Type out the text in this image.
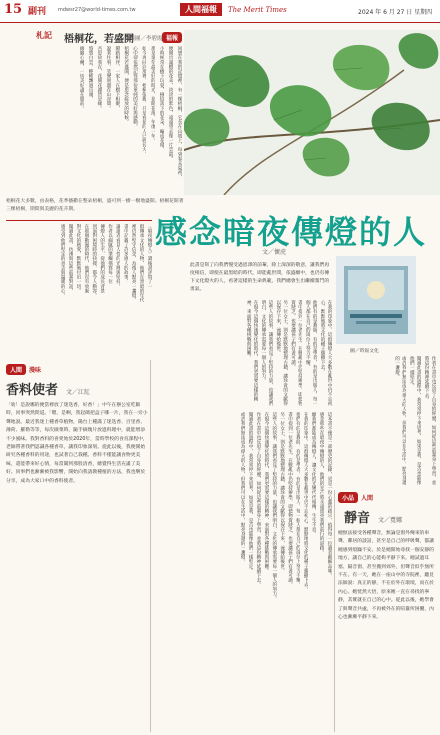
15 副刊 mdwsr27@world-times.com.tw	人間福報	The Merit Times	2024 年 6 月 27 日 星期四
福報
札記 梧桐花，若盛開
文與圖／李碧霞
回想在我的記憶裡，有一棵梧桐，它長在山坡上，每到春末夏初，
便開出滿樹的花朵，淡淡的紫色，遠遠望去像一片雲霞。
小時候常在樹下玩耍，撿拾落下的花朵，編成花環，
那是童年最美好的時光，花開花落，年復一年。
如今再回到那裡，梧桐依舊，只是看花的人已經長大，
心中卻依然記得那份單純的美好與感動。
梧桐花若盛開，便是思念綻放的時候。
鬧路相伴，一家人在樹下相聚，
說著往事，笑聲迴盪在山谷間。
吾思故我在，花開花謝皆是緣。
悠悠白雲，輕輕飄過山頭，
緣隨心轉，一切美好盡在眼前。
梧桐花大多數，由表格，花季播撒在整朵梧桐，盛可到一樹一樹地盛開。梧桐花開著三棵梧桐，期間與美麗的花卉期。
感念暗夜傳燈的人
文／懷虎
〈暗夜傳燈人〉讀後書評寫了一
群傳承文化的人物，他們在黑暗的年代
裡仍然堅守信念，為後人點亮一盞燈。
書中記載了許多感人的故事，
讓讀者看見人性的光輝與堅持。
作者以細膩的筆觸描寫每一位
傳燈人的生平，從他們的成長背景
到面對困境時的抉擇，都令人動容。
在那個動盪的時代，他們沒有放棄
對文化的熱愛，默默地付出一切。
閱讀此書，彷彿與這些前輩對話，
感受到他們堅定的意志與溫暖的心。	此書是寫了向我們慢受過恩澤的前輩，除上深深的敬意，讓我們再度相信，即使在最黑暗的時代，即能亂世間，依盛願中，也仍有傳下文化燈火的人，看著這樣的生命典範，我們總會生出繼續奮鬥的勇氣。
圖／時報文化
在我的印象中，這群傳燈人大多數在亂世中仍不忘初心，默默地將文化的種子播撒下去。
他們有的是教師，有的是學者，有的是出版人，每一個人都在自己的崗位上努力不懈。
書中提到一位老先生，在戰亂中仍堅持辦學，即使物資缺乏，也要讓孩子們有書可讀。
另一位女士，則是默默地整理古籍，讓珍貴的文獻得以保存下來，流傳給後世。
這些人的故事，讓我們看見了堅持的力量，也讓我們明白，文化的傳承需要每一個人的努力。
在現今這個快速變化的時代，我們更需要這樣的精神，來面對各種挑戰與困難。
作者在書中也反思了自身的經歷，如何從這些前輩身上學習，並將這份精神延續下去。
閱讀此書的過程中，我常常停下來思考，如果是我，是否也能像他們一樣堅定。
或許我們無法成為偉大的人物，但我們可以在生活中，點亮身邊的一盞燈。
這本書不僅是一部歷史的記錄，更是一份心靈的啟示，值得每一位讀者細細品味。
感念那些在暗夜中傳燈的人，他們的光芒將永遠照亮我們前行的道路。
願我們都能成為傳燈人，讓文化的光輝代代相傳，生生不息。
在我的印象中，這群傳燈人大多數在亂世中仍不忘初心，默默地將文化的種子播撒下去。
他們有的是教師，有的是學者，有的是出版人，每一個人都在自己的崗位上努力不懈。
書中提到一位老先生，在戰亂中仍堅持辦學，即使物資缺乏，也要讓孩子們有書可讀。
另一位女士，則是默默地整理古籍，讓珍貴的文獻得以保存下來，流傳給後世。
這些人的故事，讓我們看見了堅持的力量，也讓我們明白，文化的傳承需要每一個人的努力。
在現今這個快速變化的時代，我們更需要這樣的精神，來面對各種挑戰與困難。
作者在書中也反思了自身的經歷，如何從這些前輩身上學習，並將這份精神延續下去。
閱讀此書的過程中，我常常停下來思考，如果是我，是否也能像他們一樣堅定。
或許我們無法成為偉大的人物，但我們可以在生活中，點亮身邊的一盞燈。
人間	漫味
香料使者 文／江紅
「啥！是說哪的便當裡放了迷迭香，好香！」中午在辦公室吃飯時，同事突然問道。「嗯，是啊，我起碼把盒子哪一片，我在一旁小聲地說。最近我迷上種香草植物，陽台上種滿了迷迭香、百里香、薄荷、羅勒等等，每次做菜時，隨手摘幾片放進料理中，就能增添不少風味。我對香料的喜愛始於2020年，當時學校的食育課程中，老師帶著我們認識各種香草，讓我印象深刻。從此以後，我便開始研究各種香料的用途，也試著自己栽種。香料不僅能讓食物更美味，還能帶來好心情，每當聞到那股清香，總覺得生活充滿了美好。同事們也漸漸被我影響，開始向我請教種植的方法，我也樂於分享，成為大家口中的香料使者。
小品	人間
靜音 文／寬娜
她無法接受各種聲音，無論是窗外傳來的車聲、鄰居的談話，甚至是自己的呼吸聲，都讓她感到煩躁不安。於是她開始尋找一個安靜的地方，讓自己的心能夠平靜下來。她試過耳塞、隔音窗、甚至搬到郊外，但聲音似乎無所不在。有一天，她在一座山中的寺院裡，聽見法師說：真正的靜，不在於外在環境，而在於內心。她恍然大悟，原來她一直在尋找的寧靜，其實就在自己的心中。從此以後，她學會了與聲音共處，不再被外在的喧囂所困擾，內心也漸漸平靜下來。
